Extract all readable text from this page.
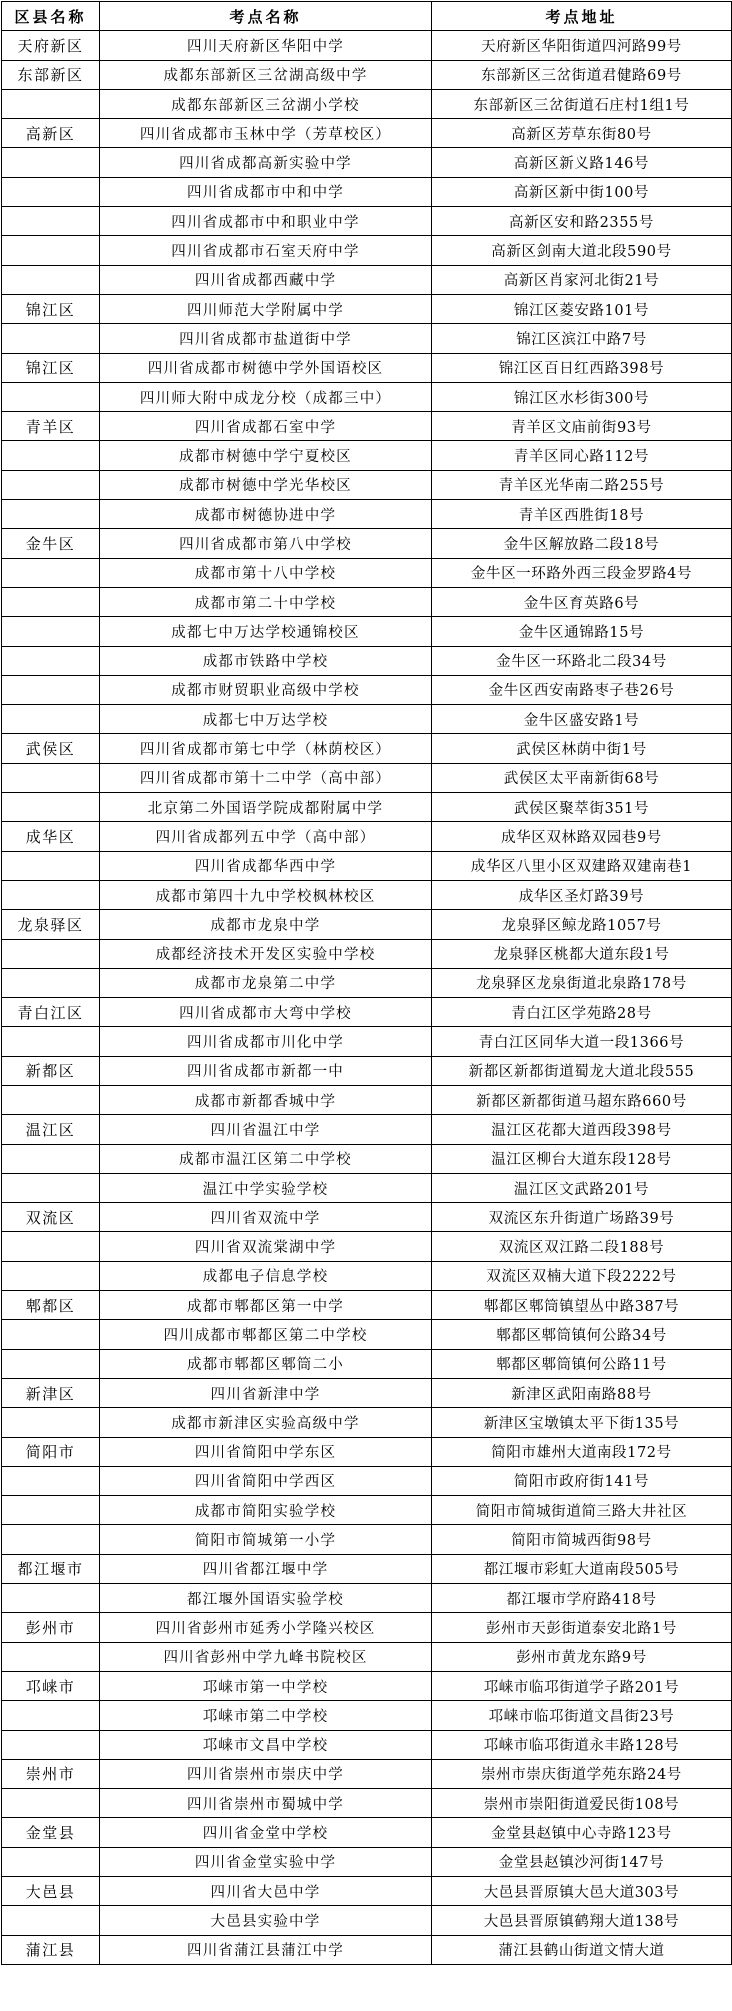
区县名称	考点名称	考点地址
天府新区	四川天府新区华阳中学	天府新区华阳街道四河路99号
东部新区	成都东部新区三岔湖高级中学	东部新区三岔街道君健路69号
	成都东部新区三岔湖小学校	东部新区三岔街道石庄村1组1号
高新区	四川省成都市玉林中学（芳草校区）	高新区芳草东街80号
	四川省成都高新实验中学	高新区新义路146号
	四川省成都市中和中学	高新区新中街100号
	四川省成都市中和职业中学	高新区安和路2355号
	四川省成都市石室天府中学	高新区剑南大道北段590号
	四川省成都西藏中学	高新区肖家河北街21号
锦江区	四川师范大学附属中学	锦江区菱安路101号
	四川省成都市盐道街中学	锦江区滨江中路7号
锦江区	四川省成都市树德中学外国语校区	锦江区百日红西路398号
	四川师大附中成龙分校（成都三中）	锦江区水杉街300号
青羊区	四川省成都石室中学	青羊区文庙前街93号
	成都市树德中学宁夏校区	青羊区同心路112号
	成都市树德中学光华校区	青羊区光华南二路255号
	成都市树德协进中学	青羊区西胜街18号
金牛区	四川省成都市第八中学校	金牛区解放路二段18号
	成都市第十八中学校	金牛区一环路外西三段金罗路4号
	成都市第二十中学校	金牛区育英路6号
	成都七中万达学校通锦校区	金牛区通锦路15号
	成都市铁路中学校	金牛区一环路北二段34号
	成都市财贸职业高级中学校	金牛区西安南路枣子巷26号
	成都七中万达学校	金牛区盛安路1号
武侯区	四川省成都市第七中学（林荫校区）	武侯区林荫中街1号
	四川省成都市第十二中学（高中部）	武侯区太平南新街68号
	北京第二外国语学院成都附属中学	武侯区聚萃街351号
成华区	四川省成都列五中学（高中部）	成华区双林路双园巷9号
	四川省成都华西中学	成华区八里小区双建路双建南巷1
	成都市第四十九中学校枫林校区	成华区圣灯路39号
龙泉驿区	成都市龙泉中学	龙泉驿区鲸龙路1057号
	成都经济技术开发区实验中学校	龙泉驿区桃都大道东段1号
	成都市龙泉第二中学	龙泉驿区龙泉街道北泉路178号
青白江区	四川省成都市大弯中学校	青白江区学苑路28号
	四川省成都市川化中学	青白江区同华大道一段1366号
新都区	四川省成都市新都一中	新都区新都街道蜀龙大道北段555
	成都市新都香城中学	新都区新都街道马超东路660号
温江区	四川省温江中学	温江区花都大道西段398号
	成都市温江区第二中学校	温江区柳台大道东段128号
	温江中学实验学校	温江区文武路201号
双流区	四川省双流中学	双流区东升街道广场路39号
	四川省双流棠湖中学	双流区双江路二段188号
	成都电子信息学校	双流区双楠大道下段2222号
郫都区	成都市郫都区第一中学	郫都区郫筒镇望丛中路387号
	四川成都市郫都区第二中学校	郫都区郫筒镇何公路34号
	成都市郫都区郫筒二小	郫都区郫筒镇何公路11号
新津区	四川省新津中学	新津区武阳南路88号
	成都市新津区实验高级中学	新津区宝墩镇太平下街135号
简阳市	四川省简阳中学东区	简阳市雄州大道南段172号
	四川省简阳中学西区	简阳市政府街141号
	成都市简阳实验学校	简阳市简城街道简三路大井社区
	简阳市简城第一小学	简阳市简城西街98号
都江堰市	四川省都江堰中学	都江堰市彩虹大道南段505号
	都江堰外国语实验学校	都江堰市学府路418号
彭州市	四川省彭州市延秀小学隆兴校区	彭州市天彭街道泰安北路1号
	四川省彭州中学九峰书院校区	彭州市黄龙东路9号
邛崃市	邛崃市第一中学校	邛崃市临邛街道学子路201号
	邛崃市第二中学校	邛崃市临邛街道文昌街23号
	邛崃市文昌中学校	邛崃市临邛街道永丰路128号
崇州市	四川省崇州市崇庆中学	崇州市崇庆街道学苑东路24号
	四川省崇州市蜀城中学	崇州市崇阳街道爱民街108号
金堂县	四川省金堂中学校	金堂县赵镇中心寺路123号
	四川省金堂实验中学	金堂县赵镇沙河街147号
大邑县	四川省大邑中学	大邑县晋原镇大邑大道303号
	大邑县实验中学	大邑县晋原镇鹤翔大道138号
蒲江县	四川省蒲江县蒲江中学	蒲江县鹤山街道文情大道
